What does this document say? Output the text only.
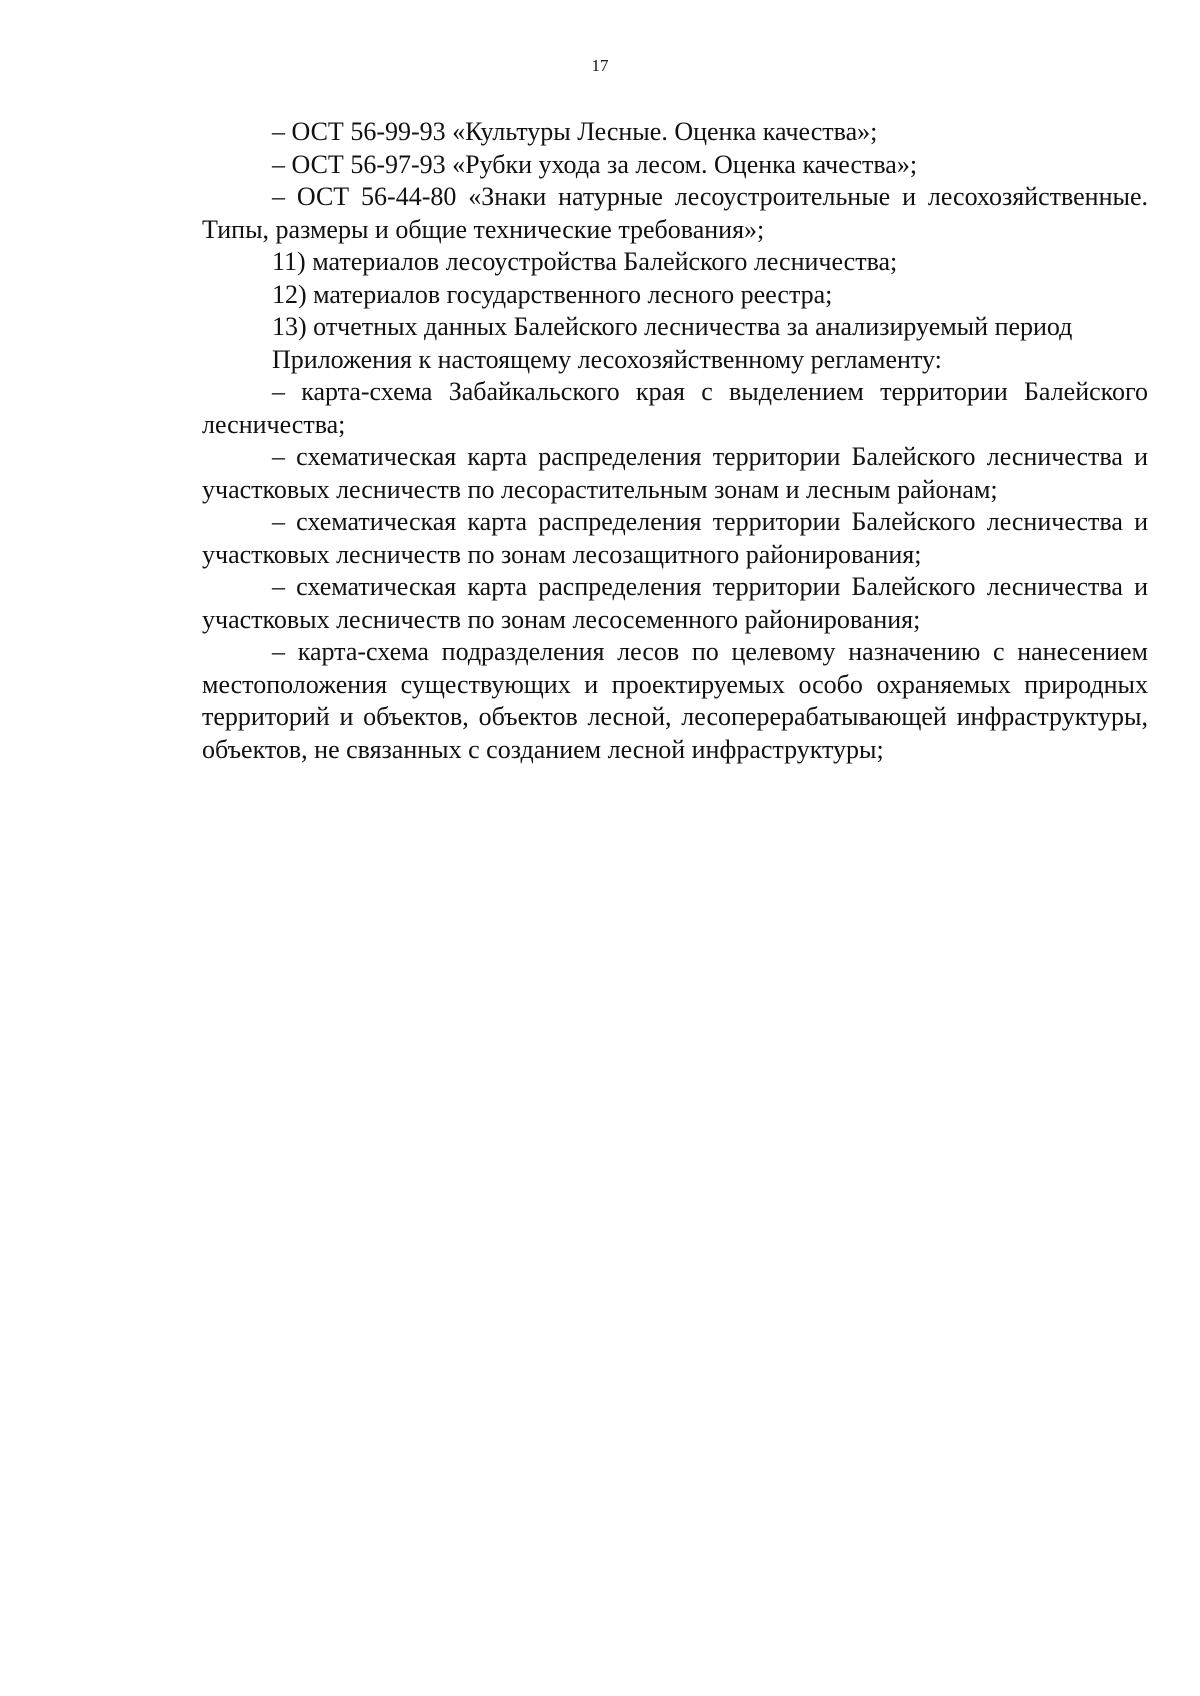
17

– ОСТ 56-99-93 «Культуры Лесные. Оценка качества»;

– ОСТ 56-97-93 «Рубки ухода за лесом. Оценка качества»;

– ОСТ 56-44-80 «Знаки натурные лесоустроительные и лесохозяйственные. Типы, размеры и общие технические требования»;

11) материалов лесоустройства Балейского лесничества;

12) материалов государственного лесного реестра;

13) отчетных данных Балейского лесничества за анализируемый период

Приложения к настоящему лесохозяйственному регламенту:

– карта-схема Забайкальского края с выделением территории Балейского лесничества;

– схематическая карта распределения территории Балейского лесничества и участковых лесничеств по лесорастительным зонам и лесным районам;

– схематическая карта распределения территории Балейского лесничества и участковых лесничеств по зонам лесозащитного районирования;

– схематическая карта распределения территории Балейского лесничества и участковых лесничеств по зонам лесосеменного районирования;

– карта-схема подразделения лесов по целевому назначению с нанесением местоположения существующих и проектируемых особо охраняемых природных территорий и объектов, объектов лесной, лесоперерабатывающей инфраструктуры, объектов, не связанных с созданием лесной инфраструктуры;
